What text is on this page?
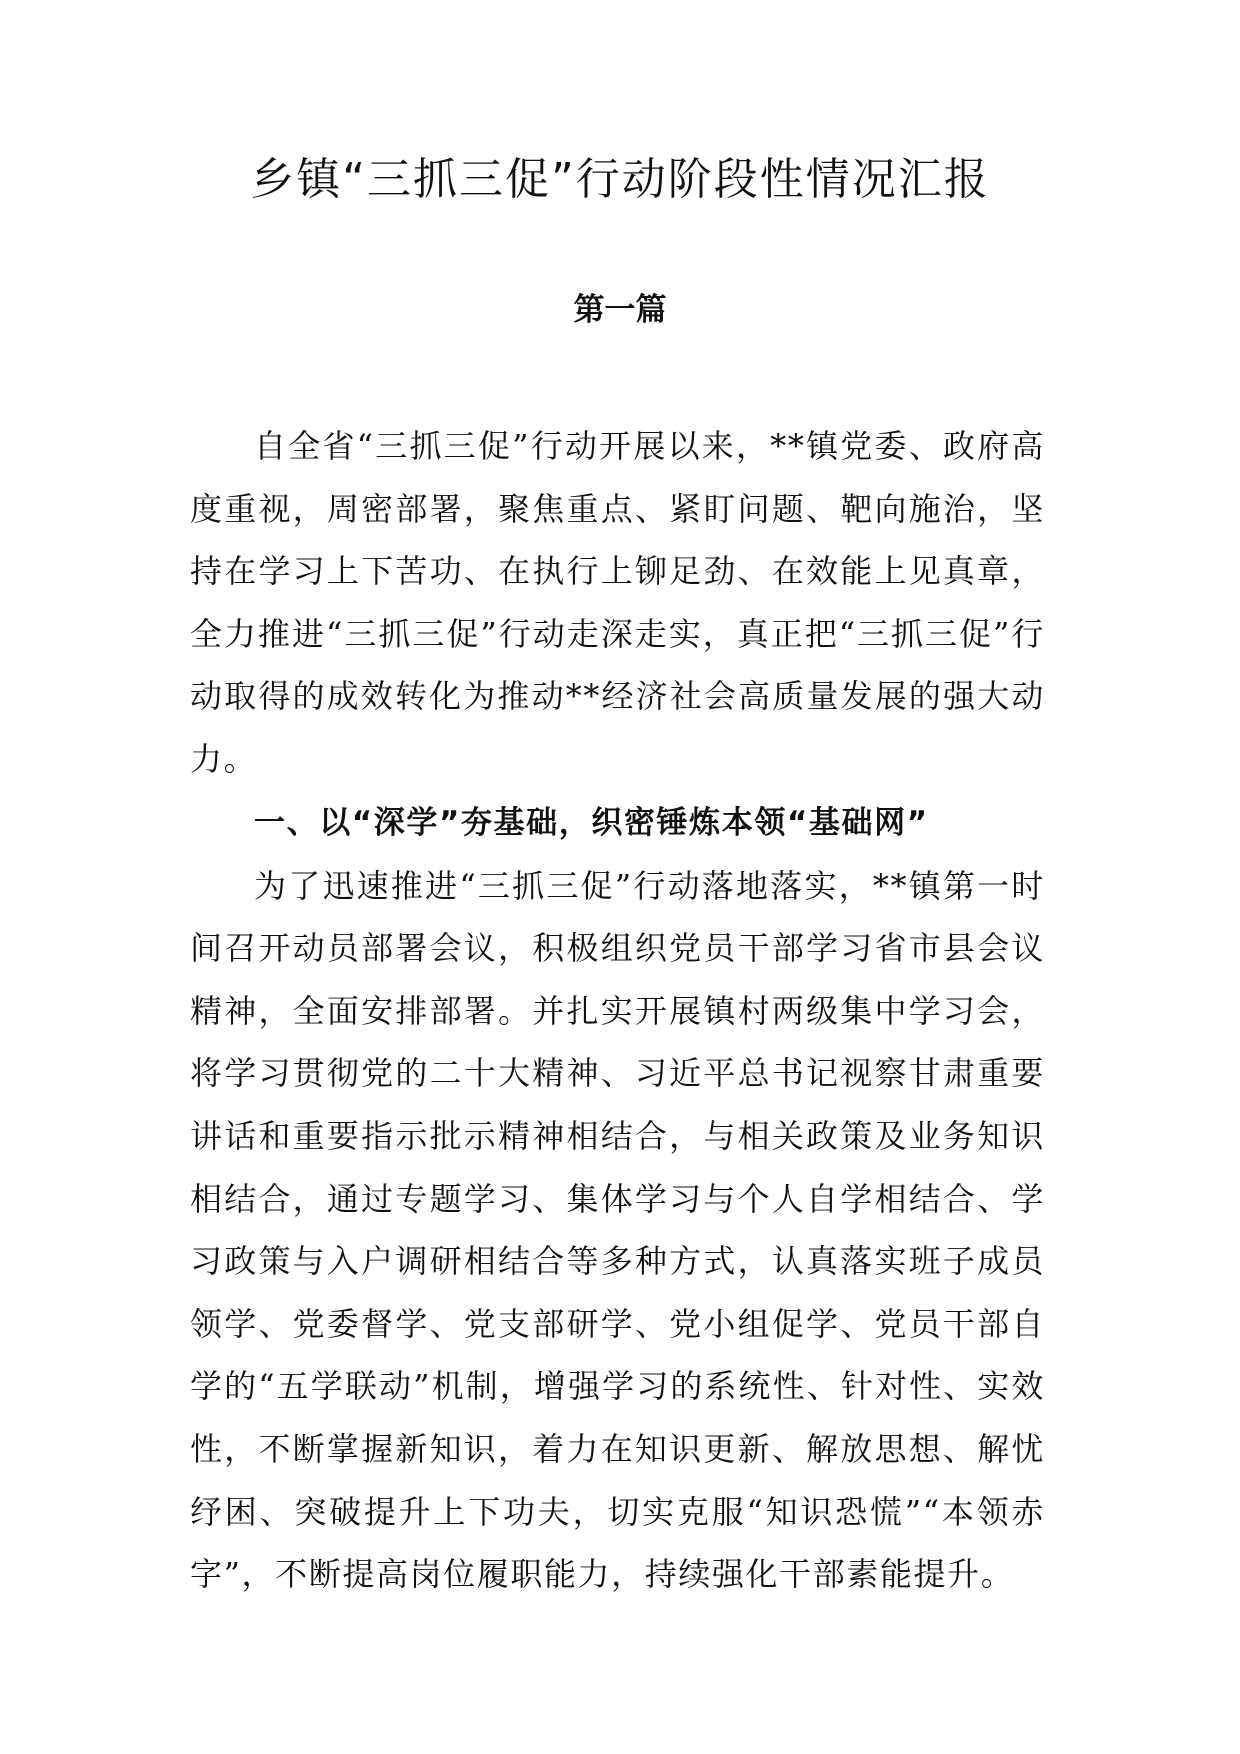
乡镇“三抓三促”行动阶段性情况汇报
第一篇

自全省“三抓三促”行动开展以来，**镇党委、政府高度重视，周密部署，聚焦重点、紧盯问题、靶向施治，坚持在学习上下苦功、在执行上铆足劲、在效能上见真章，全力推进“三抓三促”行动走深走实，真正把“三抓三促”行动取得的成效转化为推动**经济社会高质量发展的强大动力。

一、以“深学”夯基础，织密锤炼本领“基础网”

为了迅速推进“三抓三促”行动落地落实，**镇第一时间召开动员部署会议，积极组织党员干部学习省市县会议精神，全面安排部署。并扎实开展镇村两级集中学习会，将学习贯彻党的二十大精神、习近平总书记视察甘肃重要讲话和重要指示批示精神相结合，与相关政策及业务知识相结合，通过专题学习、集体学习与个人自学相结合、学习政策与入户调研相结合等多种方式，认真落实班子成员领学、党委督学、党支部研学、党小组促学、党员干部自学的“五学联动”机制，增强学习的系统性、针对性、实效性，不断掌握新知识，着力在知识更新、解放思想、解忧纾困、突破提升上下功夫，切实克服“知识恐慌”“本领赤字”，不断提高岗位履职能力，持续强化干部素能提升。
